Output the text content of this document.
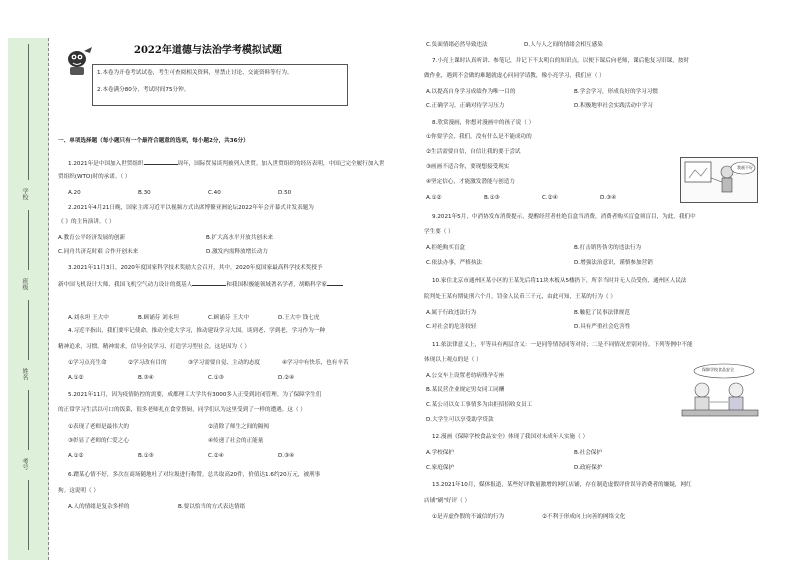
学校
班级
姓名
考号
2022年道德与法治学考模拟试题

1.本卷为开卷考试试卷，考生可查阅相关资料，里禁止讨论、交流资料等行为。

2.本卷满分80分，考试时间75分钟。

一、单项选择题（每小题只有一个最符合题意的选项，每小题2分，共36分）
1.2021年是中国加入世贸组织	周年，国际贸易谈判被列入世贸。加入世贸组织的经历表明，中国已完全履行加入世
贸组织(WTO)时的承诺。（ ）
A.20	B.30	C.40	D.50
2.2021年4月21日晚，国家主席习近平以视频方式出席博鳌亚洲论坛2022年年会开幕式并发表题为
《 》的主旨演讲。（ ）
A.教育公平经济发展的创新	B.扩大高水平开放共创未来
C.同舟共济克时艰 合作开创未来	D.激发内需释放增长动力
3.2021年11月3日，2020年度国家科学技术奖励大会召开，其中，2020年度国家最高科学技术奖授予
新中国飞机设计大师、我国飞机空气动力设计的奠基人	和我国积极能领域著名学者，胡略科学家
A.刘永坦 王大中	B.顾诵芬 刘永坦	C.顾诵芬 王大中	D.王大中 钱七虎
4.习近平指出，我们要牢记使命，推动全党大学习，推动建设学习大国。谈到老、学到老，学习作为一种
精神追求，习惯、精神需求，信导全民学习、打造学习型社会，这是因为（ ）
①学习点亮生命	②学习改有目的	③学习需要自觉、主动的态度	④学习中有快乐，也有辛苦
A.①②	B.③④	C.①③	D.②④
5.2021年11月，因为疫情防控的需要，成都理工大学共有3000多人正受到封闭管理。为了保障学生们
的正常学习生活以可口的饭菜，很多老师扎在食堂帮厨，同学们认为这里受到了一样的遭遇。这（ ）
①表现了老师是最伟大的	②清除了师生之间的隔阂
③彰显了老师的仁爱之心	④传递了社会的正能量
A.①②	B.①③	C.②④	D.③④
6.蹭某心情不好，多次在商场随地吐了对垃圾进行称赞。总共取高20件，价值达1.6约20万元，被刑事
拘。这说明（ ）
A.人的情绪是复杂多样的	B.要以恰当的方式表达情绪
C.负面情绪必然导致违法	D.人与人之间的情绪会相互感染
7.小亮上课时认真听讲、参笔记，并记下不太明白的知识点，以便下课后向老师，课后他复习旧课，按时
做作业，遇到不会做的难题就虚心问同学请教，像小亮学习，我们应（ ）
A.以提高自身学习成绩作为唯一目的	B.学会学习，形成良好的学习习惯
C.正确学习，正确对待学习压力	D.积极地审社会实践活动中学习
8.欣赏漫画，你想对漫画中的孩子说（ ）
①你要学会，我们，没有什么是不能成功的
②生活需要自信，自信让我的要于尝试
③画画不适合你，要现想接受现实
④坚定信心，才能激发潜能与创造力
A.①②	B.①③	C.②④	D.③④
9.2021年5月，中消协发布消费提示，提醒经营者杜绝盲盒当消费，消费者购买盲盒须盲目，为此，我们中
学生要（ ）
A.拒绝购买盲盒	B.打击销售伪劣的违法行为
C.依法办事，严格执法	D.增强法治意识，谨慎参加营销
10.家住北京市通州区某小区的王某先后将11块木板从5楼扔下，所幸当时并无人员受伤，通州区人民法
院判处王某有期徒刑六个月，罚金人民币三千元，由此可知，王某的行为（ ）
A.属于行政违法行为	B.触犯了民事法律规范
C.对社会的危害较轻	D.具有严重社会危害性
11.依法律意义上，平等具有两层含义：一是同等情况同等对待；二是不同情况差别对待。下列等例中不能
体现以上观点的是（ ）
A.公交车上设置老幼病残孕专座
B.某民营企业规定男女同工同酬
C.某公司以女工事情多为由拒招招收女员工
D.大学生可以享受助学贷款
12.漫画《保障学校食品安全》体现了我国对未成年人实施（ ）
A.学校保护	B.社会保护
C.家庭保护	D.政府保护
13.2021年10月，媒体报道，某些好评数量激增的网红店铺，存在制造虚假评价误导消费者的嫌疑，网红
店铺"刷"好评（ ）
①是弄虚作假的不诚信的行为	②不利于形成向上向善的网络文化
我画不好
保障学校食品安全
